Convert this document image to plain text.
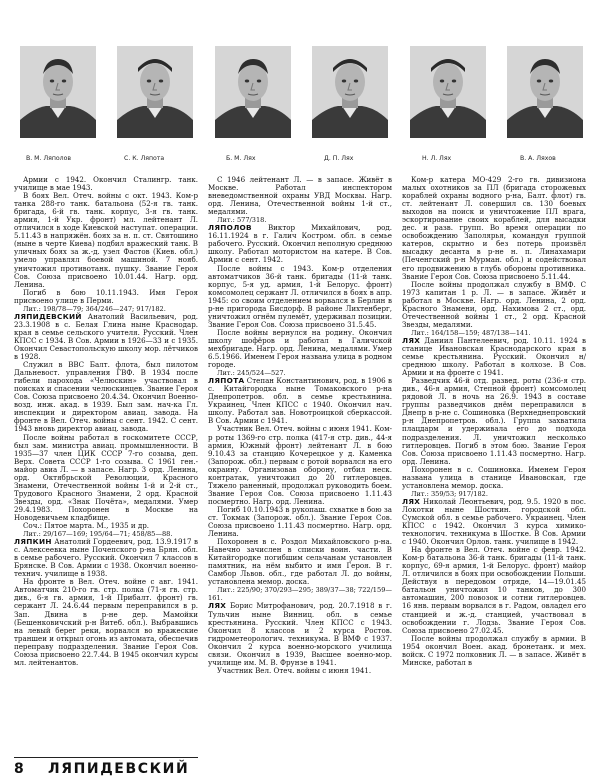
В. М. Ляполов	С. К. Ляпота	Б. М. Лях	Д. П. Лях	Н. Л. Лях	В. А. Ляхов

Армии с 1942. Окончил Сталингр. танк. училище в мае 1943.

В боях Вел. Отеч. войны с окт. 1943. Ком-р танка 288-го танк. батальона (52-я гв. танк. бригада, 6-й гв. танк. корпус, 3-я гв. танк. армия, 1-й Укр. фронт) мл. лейтенант Л. отличился в ходе Киевской наступат. операции. 5.11.43 в напряжён. боях за н. п. ст. Святошино (ныне в черте Киева) подбил вражеский танк. В уличных боях за ж.-д. узел Фастов (Киев. обл.) умело управлял боевой машиной. 7 нояб. уничтожил противотанк. пушку. Звание Героя Сов. Союза присвоено 10.01.44. Нагр. орд. Ленина.

Погиб в бою 10.11.1943. Имя Героя присвоено улице в Перми.

Лит.: 198/78—79; 364/246—247; 917/182.

ЛЯПИДЕВСКИЙ Анатолий Васильевич, род. 23.3.1908 в с. Белая Глина ныне Краснодар. края в семье сельского учителя. Русский. Член КПСС с 1934. В Сов. Армии в 1926—33 и с 1935. Окончил Севастопольскую школу мор. лётчиков в 1928.

Служил в ВВС Балт. флота, был пилотом Дальневост. управления ГВФ. В 1934 после гибели парохода «Челюскин» участвовал в поисках и спасении челюскинцев. Звание Героя Сов. Союза присвоено 20.4.34. Окончил Военно-возд. инж. акад. в 1939. Был зам. нач-ка Гл. инспекции и директором авиац. завода. На фронте в Вел. Отеч. войны с сент. 1942. С сент. 1943 вновь директор авиац. завода.

После войны работал в госкомитете СССР, был зам. министра авиац. промышленности. В 1935—37 член ЦИК СССР 7-го созыва, деп. Верх. Совета СССР 1-го созыва. С 1961 ген.-майор авиа Л. — в запасе. Нагр. 3 орд. Ленина, орд. Октябрьской Революции, Красного Знамени, Отечественной войны 1-й и 2-й ст., Трудового Красного Знамени, 2 орд. Красной Звезды, орд. «Знак Почёта», медалями. Умер 29.4.1983. Похоронен в Москве на Новодевичьем кладбище.

Соч.: Пятое марта. М., 1935 и др.

Лит.: 29/167—169; 195/64—71; 458/85—88.

ЛЯПКИН Анатолий Гордеевич, род. 13.9.1917 в с. Алексеевка ныне Почепского р-на Брян. обл. в семье рабочего. Русский. Окончил 7 классов в Брянске. В Сов. Армии с 1938. Окончил военно-технич. училище в 1938.

На фронте в Вел. Отеч. войне с авг. 1941. Автоматчик 210-го гв. стр. полка (71-я гв. стр. див., 6-я гв. армия, 1-й Прибалт. фронт) гв. сержант Л. 24.6.44 первым переправился в р. Зап. Двина в р-не дер. Мамойки (Бешенковичский р-н Витеб. обл.). Выбравшись на левый берег реки, ворвался во вражеские траншеи и открыл огонь из автомата, обеспечив переправу подразделения. Звание Героя Сов. Союза присвоено 22.7.44. В 1945 окончил курсы мл. лейтенантов.

С 1946 лейтенант Л. — в запасе. Живёт в Москве. Работал инспектором вневедомственной охраны УВД Москвы. Нагр. орд. Ленина, Отечественной войны 1-й ст., медалями.

Лит.: 577/318.

ЛЯПОЛОВ Виктор Михайлович, род. 16.11.1924 в г. Галич Костром. обл. в семье рабочего. Русский. Окончил неполную среднюю школу. Работал мотористом на катере. В Сов. Армии с сент. 1942.

После войны с 1943. Ком-р отделения автоматчиков 36-й танк. бригады (11-й танк. корпус, 5-я уд. армия, 1-й Белорус. фронт) комсомолец сержант Л. отличился в боях в апр. 1945: со своим отделением ворвался в Берлин в р-не пригорода Бисдорф. В районе Лихтенберг, уничтожил огнём пулемёт, удерживал позиции. Звание Героя Сов. Союза присвоено 31.5.45.

После войны вернулся на родину. Окончил школу шофёров и работал в Галичской мехбригаде. Нагр. орд. Ленина, медалями. Умер 6.5.1966. Именем Героя названа улица в родном городе.

Лит.: 245/524—527.

ЛЯПОТА Степан Константинович, род. в 1906 в с. Китайгородка ныне Томаковского р-на Днепропетров. обл. в семье крестьянина. Украинец. Член КПСС с 1940. Окончил нач. школу. Работал зав. Новотроицкой сберкассой. В Сов. Армии с 1941.

Участник Вел. Отеч. войны с июня 1941. Ком-р роты 1369-го стр. полка (417-я стр. див., 44-я армия, Южный фронт) лейтенант Л. в бою 9.10.43 за станцию Кочерецкое у д. Каменка (Запорож. обл.) первым с ротой ворвался на его окраину. Организовав оборону, отбил неск. контратак, уничтожил до 20 гитлеровцев. Тяжело раненный, продолжал руководить боем. Звание Героя Сов. Союза присвоено 1.11.43 посмертно. Нагр. орд. Ленина.

Погиб 10.10.1943 в рукопаш. схватке в бою за ст. Токмак (Запорож. обл.). Звание Героя Сов. Союза присвоено 1.11.43 посмертно. Нагр. орд. Ленина.

Похоронен в с. Роздол Михайловского р-на. Навечно зачислен в списки воин. части. В Китайгородке погибшим сельчанам установлен памятник, на нём выбито и имя Героя. В г. Самбор Львов. обл., где работал Л. до войны, установлена мемор. доска.

Лит.: 225/90; 370/293—295; 389/37—38; 722/159—161.

ЛЯХ Борис Митрофанович, род. 20.7.1918 в г. Тульчин ныне Винниц. обл. в семье крестьянина. Русский. Член КПСС с 1943. Окончил 8 классов и 2 курса Ростов. гидрометеорологич. техникума. В ВМФ с 1937. Окончил 2 курса военно-морского училища связи. Окончил в 1939, Высшее военно-мор. училище им. М. В. Фрунзе в 1941.

Участник Вел. Отеч. войны с июня 1941.

Ком-р катера МО-429 2-го гв. дивизиона малых охотников за ПЛ (бригада сторожевых кораблей охраны водного р-на, Балт. флот) гв. ст. лейтенант Л. совершил св. 130 боевых выходов на поиск и уничтожение ПЛ врага, эскортирование своих кораблей, для высадки дес. и разв. групп. Во время операции по освобождению Заполярья, командуя группой катеров, скрытно и без потерь произвёл высадку десанта в р-не н. п. Линахамари (Печенгский р-н Мурман. обл.) и содействовал его продвижению в глубь обороны противника. Звание Героя Сов. Союза присвоено 5.11.44.

После войны продолжал службу в ВМФ. С 1973 капитан 1 р. Л. — в запасе. Живёт и работал в Москве. Нагр. орд. Ленина, 2 орд. Красного Знамени, орд. Нахимова 2 ст., орд. Отечественной войны 1 ст., 2 орд. Красной Звезды, медалями.

Лит.: 164/158—159; 487/138—141.

ЛЯХ Даниил Пантелеевич, род. 10.11. 1924 в станице Ивановская Краснодарского края в семье крестьянина. Русский. Окончил н/среднюю школу. Работал в колхозе. В Сов. Армии и на фронте с 1941.

Разведчик 46-й отд. развед. роты (236-я стр. див., 46-я армия, Степной фронт) комсомолец рядовой Л. в ночь на 26.9. 1943 в составе группы разведчиков днём переправился в Днепр в р-не с. Сошиновка (Верхнеднепровский р-н Днепропетров. обл.). Группа захватила плацдарм и удерживала его до подхода подразделения. Л. уничтожил несколько гитлеровцев. Погиб в этом бою. Звание Героя Сов. Союза присвоено 1.11.43 посмертно. Нагр. орд. Ленина.

Похоронен в с. Сошиновка. Именем Героя названа улица в станице Ивановская, где установлена мемор. доска.

Лит.: 359/53; 917/182.

ЛЯХ Николай Леонтьевич, род. 9.5. 1920 в пос. Локотки ныне Шосткин. городской обл. Сумской обл. в семье рабочего. Украинец. Член КПСС с 1942. Окончил 3 курса химико-технологич. техникума в Шостке. В Сов. Армии с 1940. Окончил Орлов. танк. училище в 1942.

На фронте в Вел. Отеч. войне с февр. 1942. Ком-р батальона 36-й танк. бригады (11-й танк. корпус, 69-я армия, 1-й Белорус. фронт) майор Л. отличился в боях при освобождении Польши. Действуя в передовом отряде, 14—19.01.45 батальон уничтожил 10 танков, до 300 автомашин, 200 повозок и сотни гитлеровцев. 16 янв. первым ворвался в г. Радом, овладел его станцией и ж.-д. станцией, участвовал в освобождении г. Лодзь. Звание Героя Сов. Союза присвоено 27.02.45.

После войны продолжал службу в армии. В 1954 окончил Воен. акад. бронетанк. и мех. войск. С 1972 полковник Л. — в запасе. Живёт в Минске, работал в

8 ЛЯПИДЕВСКИЙ
